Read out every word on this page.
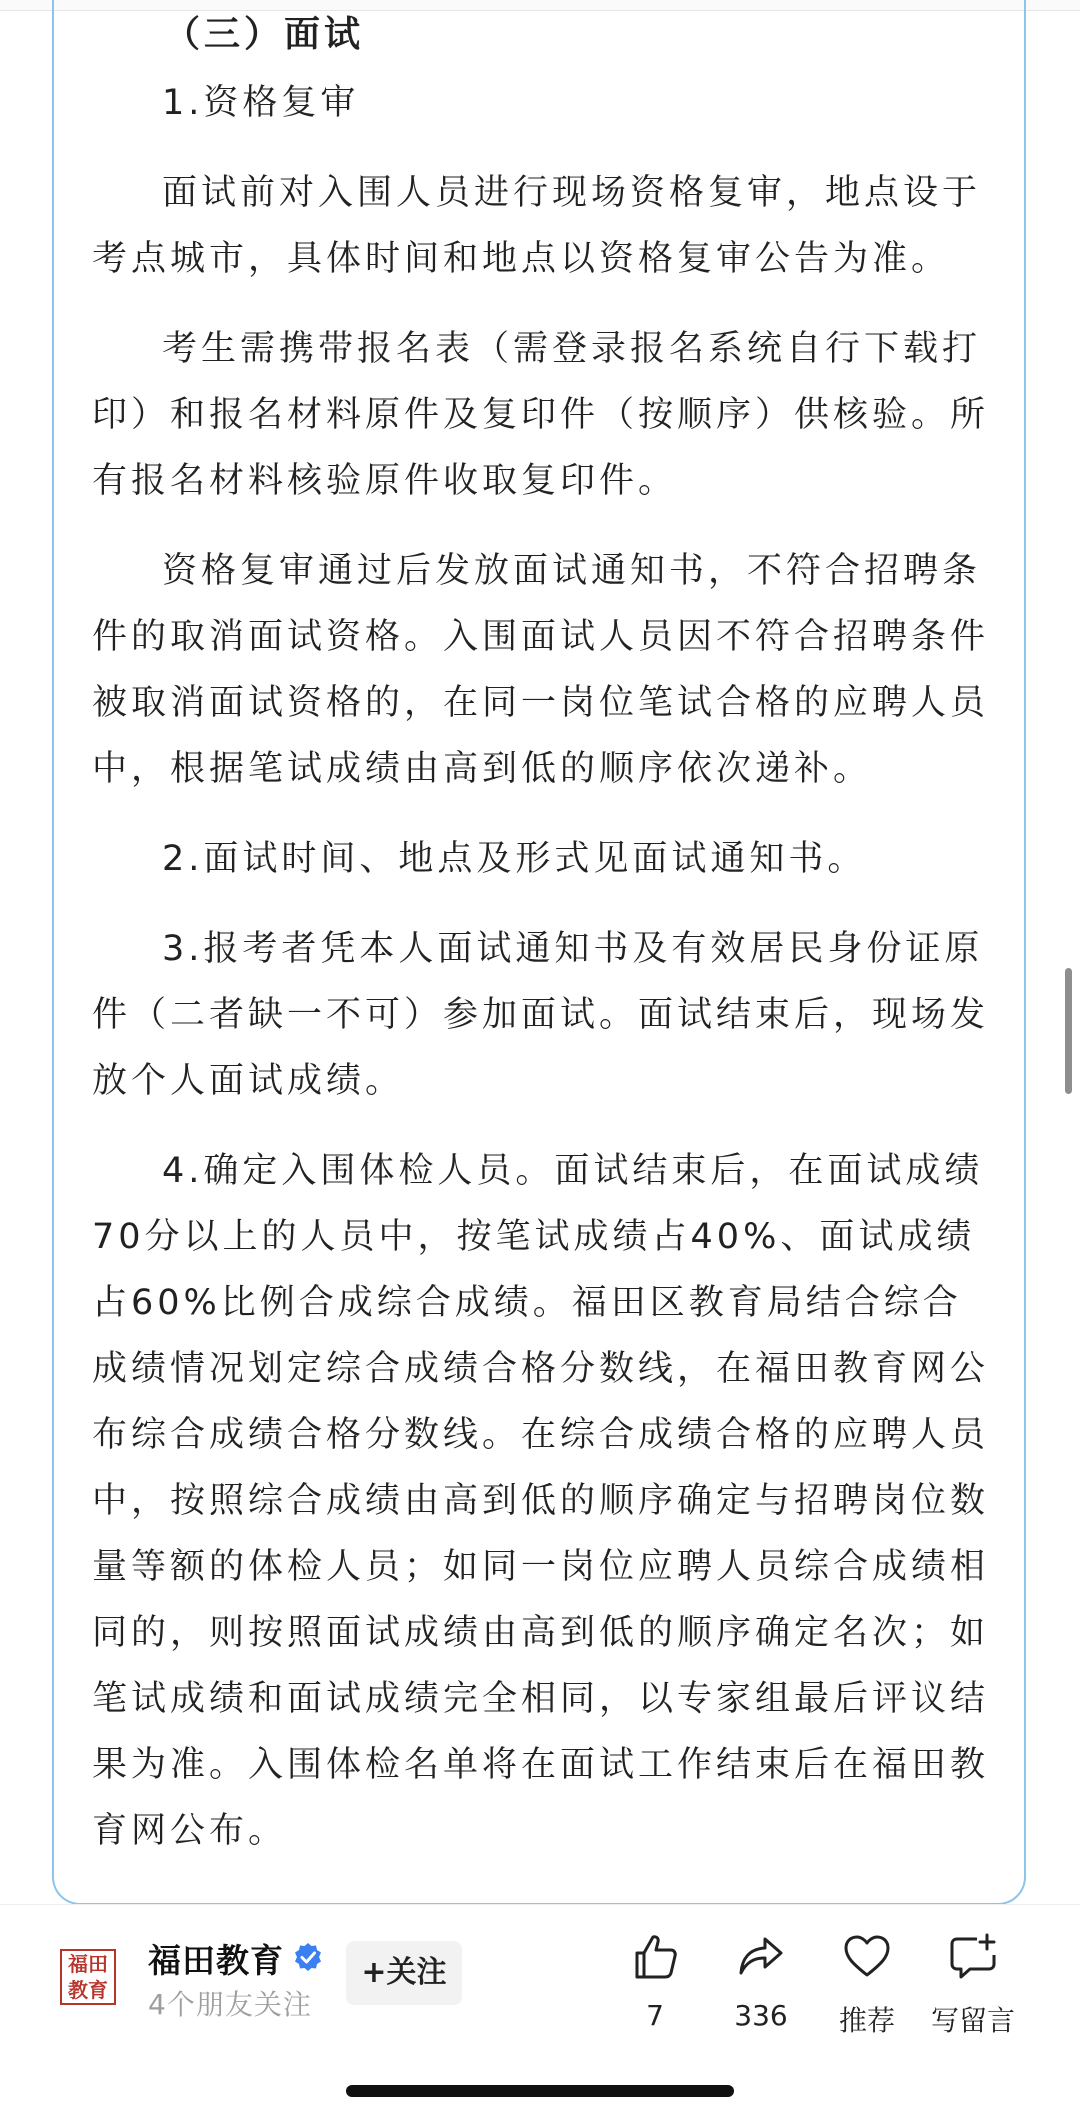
（三）面试

1.资格复审

面试前对入围人员进行现场资格复审，地点设于考点城市，具体时间和地点以资格复审公告为准。

考生需携带报名表（需登录报名系统自行下载打印）和报名材料原件及复印件（按顺序）供核验。所有报名材料核验原件收取复印件。

资格复审通过后发放面试通知书，不符合招聘条件的取消面试资格。入围面试人员因不符合招聘条件被取消面试资格的，在同一岗位笔试合格的应聘人员中，根据笔试成绩由高到低的顺序依次递补。

2.面试时间、地点及形式见面试通知书。

3.报考者凭本人面试通知书及有效居民身份证原件（二者缺一不可）参加面试。面试结束后，现场发放个人面试成绩。

4.确定入围体检人员。面试结束后，在面试成绩70分以上的人员中，按笔试成绩占40%、面试成绩占60%比例合成综合成绩。福田区教育局结合综合成绩情况划定综合成绩合格分数线，在福田教育网公布综合成绩合格分数线。在综合成绩合格的应聘人员中，按照综合成绩由高到低的顺序确定与招聘岗位数量等额的体检人员；如同一岗位应聘人员综合成绩相同的，则按照面试成绩由高到低的顺序确定名次；如笔试成绩和面试成绩完全相同，以专家组最后评议结果为准。入围体检名单将在面试工作结束后在福田教育网公布。

福田
教育
福田教育
4个朋友关注
+关注
7	336	推荐	写留言
